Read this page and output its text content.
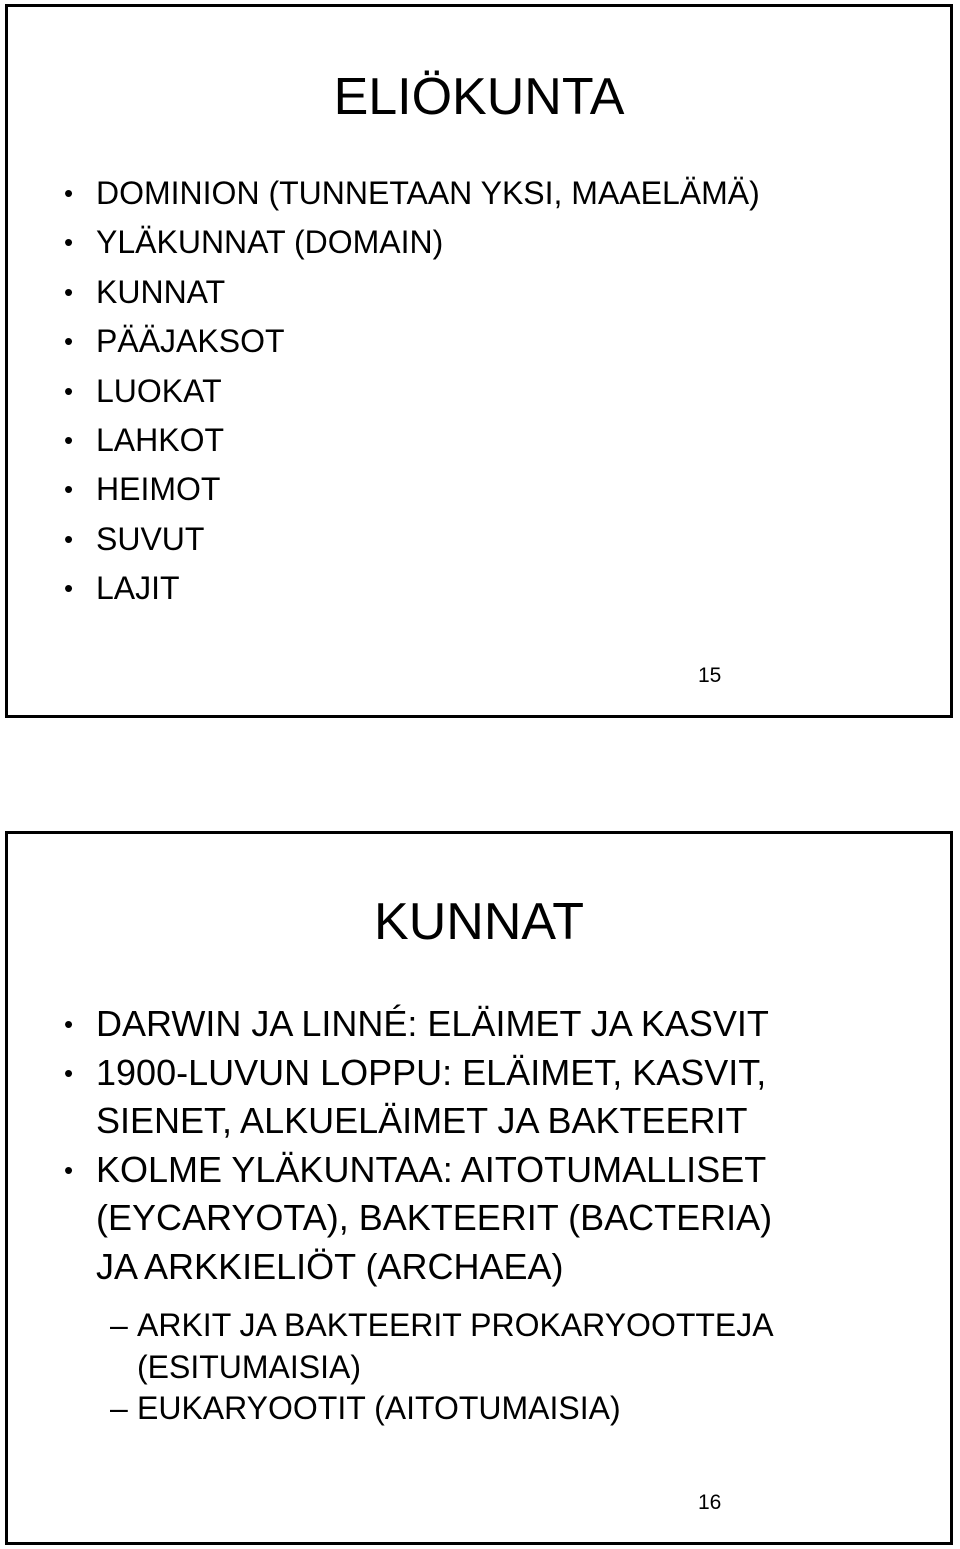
ELIÖKUNTA
• DOMINION (TUNNETAAN YKSI, MAAELÄMÄ)
• YLÄKUNNAT (DOMAIN)
• KUNNAT
• PÄÄJAKSOT
• LUOKAT
• LAHKOT
• HEIMOT
• SUVUT
• LAJIT
15
KUNNAT
• DARWIN JA LINNÉ: ELÄIMET JA KASVIT
• 1900-LUVUN LOPPU: ELÄIMET, KASVIT,
SIENET, ALKUELÄIMET JA BAKTEERIT
• KOLME YLÄKUNTAA: AITOTUMALLISET
(EYCARYOTA), BAKTEERIT (BACTERIA)
JA ARKKIELIÖT (ARCHAEA)
16
– ARKIT JA BAKTEERIT PROKARYOOTTEJA
(ESITUMAISIA)
– EUKARYOOTIT (AITOTUMAISIA)
